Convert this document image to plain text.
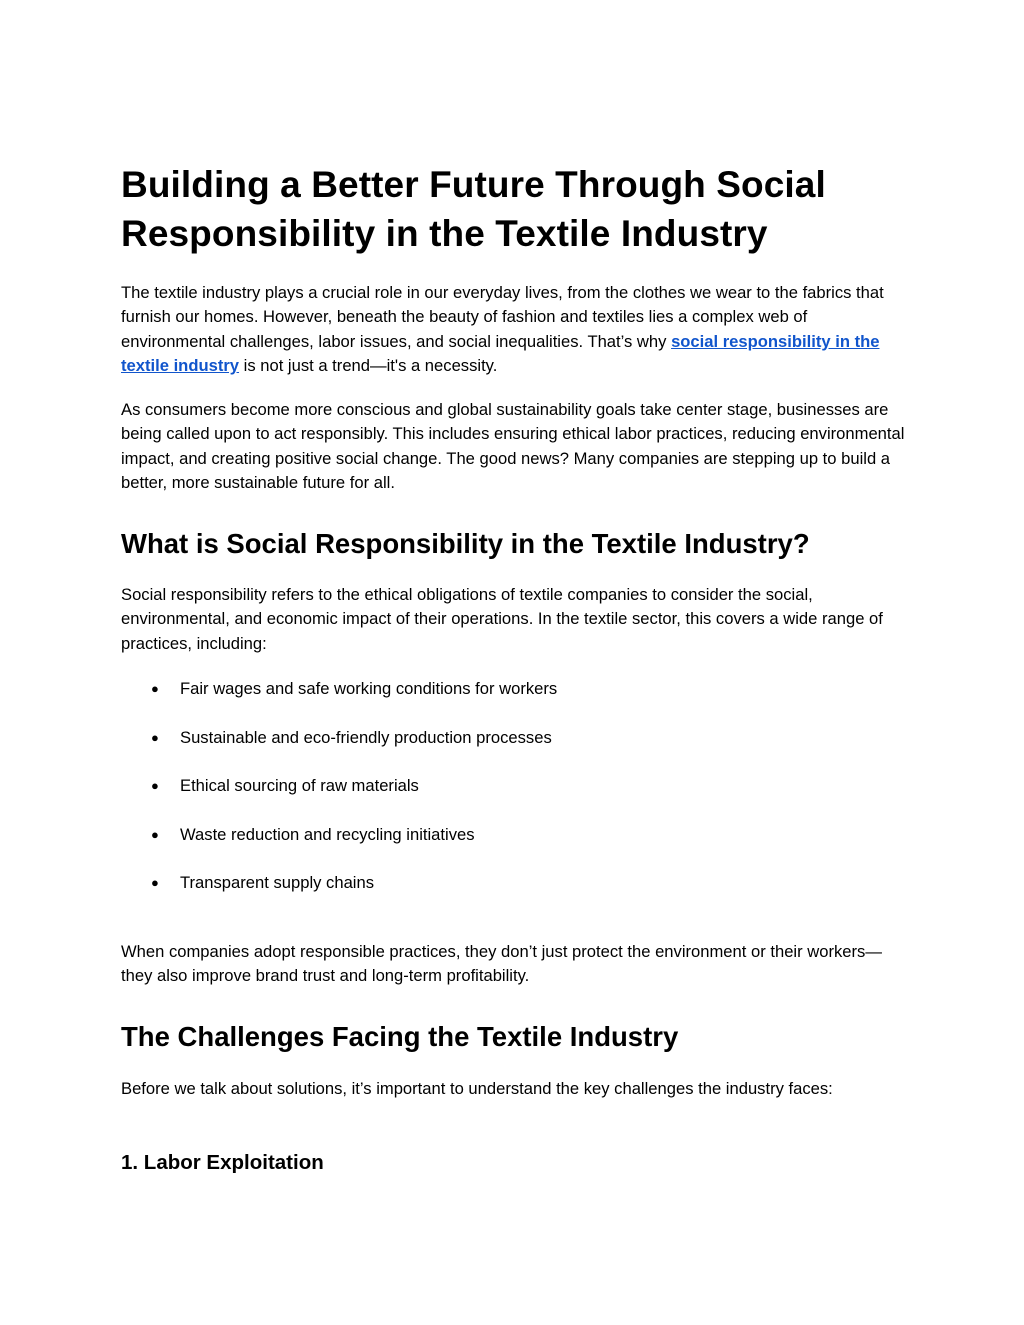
Building a Better Future Through Social Responsibility in the Textile Industry

The textile industry plays a crucial role in our everyday lives, from the clothes we wear to the fabrics that furnish our homes. However, beneath the beauty of fashion and textiles lies a complex web of environmental challenges, labor issues, and social inequalities. That’s why social responsibility in the textile industry is not just a trend—it's a necessity.

As consumers become more conscious and global sustainability goals take center stage, businesses are being called upon to act responsibly. This includes ensuring ethical labor practices, reducing environmental impact, and creating positive social change. The good news? Many companies are stepping up to build a better, more sustainable future for all.

What is Social Responsibility in the Textile Industry?

Social responsibility refers to the ethical obligations of textile companies to consider the social, environmental, and economic impact of their operations. In the textile sector, this covers a wide range of practices, including:

● Fair wages and safe working conditions for workers
● Sustainable and eco-friendly production processes
● Ethical sourcing of raw materials
● Waste reduction and recycling initiatives
● Transparent supply chains

When companies adopt responsible practices, they don’t just protect the environment or their workers—they also improve brand trust and long-term profitability.

The Challenges Facing the Textile Industry

Before we talk about solutions, it’s important to understand the key challenges the industry faces:

1. Labor Exploitation
